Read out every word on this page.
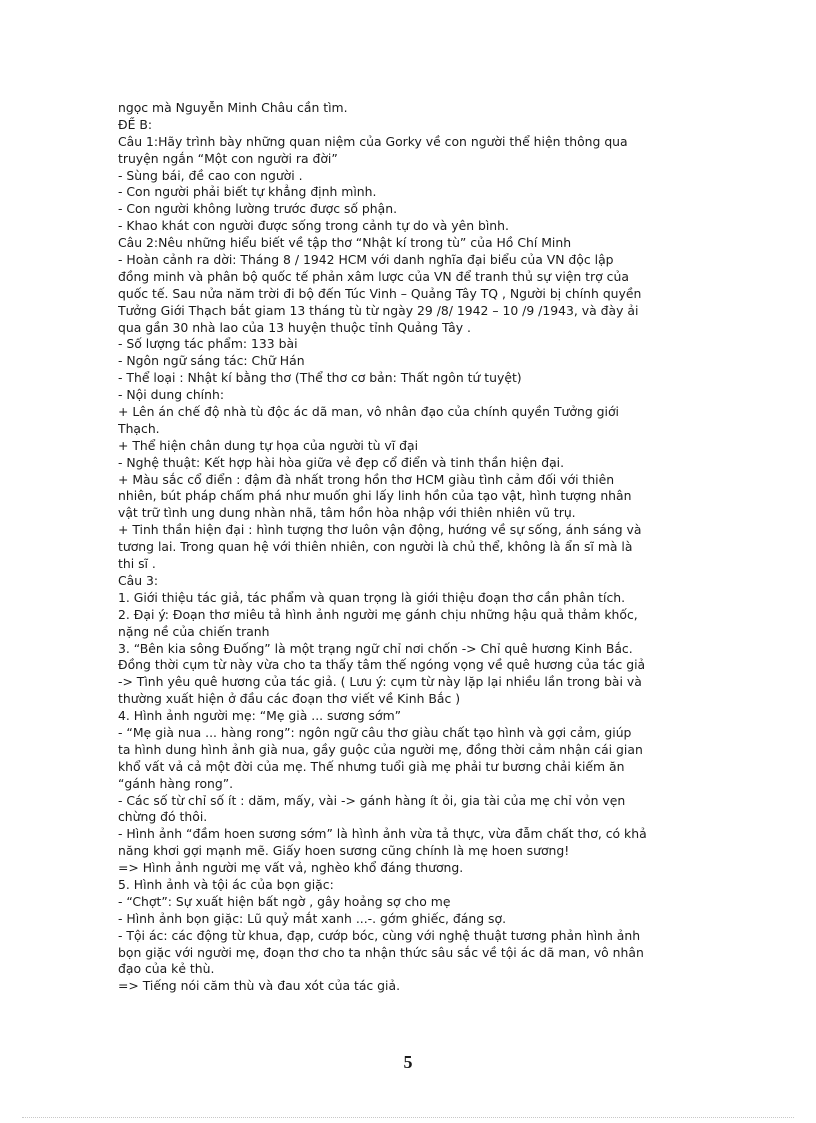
ngọc mà Nguyễn Minh Châu cần tìm.
ĐỀ B:
Câu 1:Hãy trình bày những quan niệm của Gorky về con người thể hiện thông qua
truyện ngắn “Một con người ra đời”
- Sùng bái, đề cao con người .
- Con người phải biết tự khẳng định mình.
- Con người không lường trước được số phận.
- Khao khát con người được sống trong cảnh tự do và yên bình.
Câu 2:Nêu những hiểu biết về tập thơ “Nhật kí trong tù” của Hồ Chí Minh
- Hoàn cảnh ra dời: Tháng 8 / 1942 HCM với danh nghĩa đại biểu của VN độc lập
đồng minh và phân bộ quốc tế phản xâm lược của VN để tranh thủ sự viện trợ của
quốc tế. Sau nửa năm trời đi bộ đến Túc Vinh – Quảng Tây TQ , Người bị chính quyền
Tưởng Giới Thạch bắt giam 13 tháng tù từ ngày 29 /8/ 1942 – 10 /9 /1943, và đày ải
qua gần 30 nhà lao của 13 huyện thuộc tỉnh Quảng Tây .
- Số lượng tác phẩm: 133 bài
- Ngôn ngữ sáng tác: Chữ Hán
- Thể loại : Nhật kí bằng thơ (Thể thơ cơ bản: Thất ngôn tứ tuyệt)
- Nội dung chính:
+ Lên án chế độ nhà tù độc ác dã man, vô nhân đạo của chính quyền Tưởng giới
Thạch.
+ Thể hiện chân dung tự họa của người tù vĩ đại
- Nghệ thuật: Kết hợp hài hòa giữa vẻ đẹp cổ điển và tinh thần hiện đại.
+ Màu sắc cổ điển : đậm đà nhất trong hồn thơ HCM giàu tình cảm đối với thiên
nhiên, bút pháp chấm phá như muốn ghi lấy linh hồn của tạo vật, hình tượng nhân
vật trữ tình ung dung nhàn nhã, tâm hồn hòa nhập với thiên nhiên vũ trụ.
+ Tinh thần hiện đại : hình tượng thơ luôn vận động, hướng về sự sống, ánh sáng và
tương lai. Trong quan hệ với thiên nhiên, con người là chủ thể, không là ẩn sĩ mà là
thi sĩ .
Câu 3:
1. Giới thiệu tác giả, tác phẩm và quan trọng là giới thiệu đoạn thơ cần phân tích.
2. Đại ý: Đoạn thơ miêu tả hình ảnh người mẹ gánh chịu những hậu quả thảm khốc,
nặng nề của chiến tranh
3. “Bên kia sông Đuống” là một trạng ngữ chỉ nơi chốn -> Chỉ quê hương Kinh Bắc.
Đồng thời cụm từ này vừa cho ta thấy tâm thế ngóng vọng về quê hương của tác giả
-> Tình yêu quê hương của tác giả. ( Lưu ý: cụm từ này lặp lại nhiều lần trong bài và
thường xuất hiện ở đầu các đoạn thơ viết về Kinh Bắc )
4. Hình ảnh người mẹ: “Mẹ già ... sương sớm”
- “Mẹ già nua ... hàng rong”: ngôn ngữ câu thơ giàu chất tạo hình và gợi cảm, giúp
ta hình dung hình ảnh già nua, gầy guộc của người mẹ, đồng thời cảm nhận cái gian
khổ vất vả cả một đời của mẹ. Thế nhưng tuổi già mẹ phải tư bương chải kiếm ăn
“gánh hàng rong”.
- Các số từ chỉ số ít : dăm, mấy, vài -> gánh hàng ít ỏi, gia tài của mẹ chỉ vỏn vẹn
chừng đó thôi.
- Hình ảnh “đầm hoen sương sớm” là hình ảnh vừa tả thực, vừa đẫm chất thơ, có khả
năng khơi gợi mạnh mẽ. Giấy hoen sương cũng chính là mẹ hoen sương!
=> Hình ảnh người mẹ vất vả, nghèo khổ đáng thương.
5. Hình ảnh và tội ác của bọn giặc:
- “Chợt”: Sự xuất hiện bất ngờ , gây hoảng sợ cho mẹ
- Hình ảnh bọn giặc: Lũ quỷ mắt xanh ...-. gớm ghiếc, đáng sợ.
- Tội ác: các động từ khua, đạp, cướp bóc, cùng với nghệ thuật tương phản hình ảnh
bọn giặc với người mẹ, đoạn thơ cho ta nhận thức sâu sắc về tội ác dã man, vô nhân
đạo của kẻ thù.
=> Tiếng nói căm thù và đau xót của tác giả.
5
